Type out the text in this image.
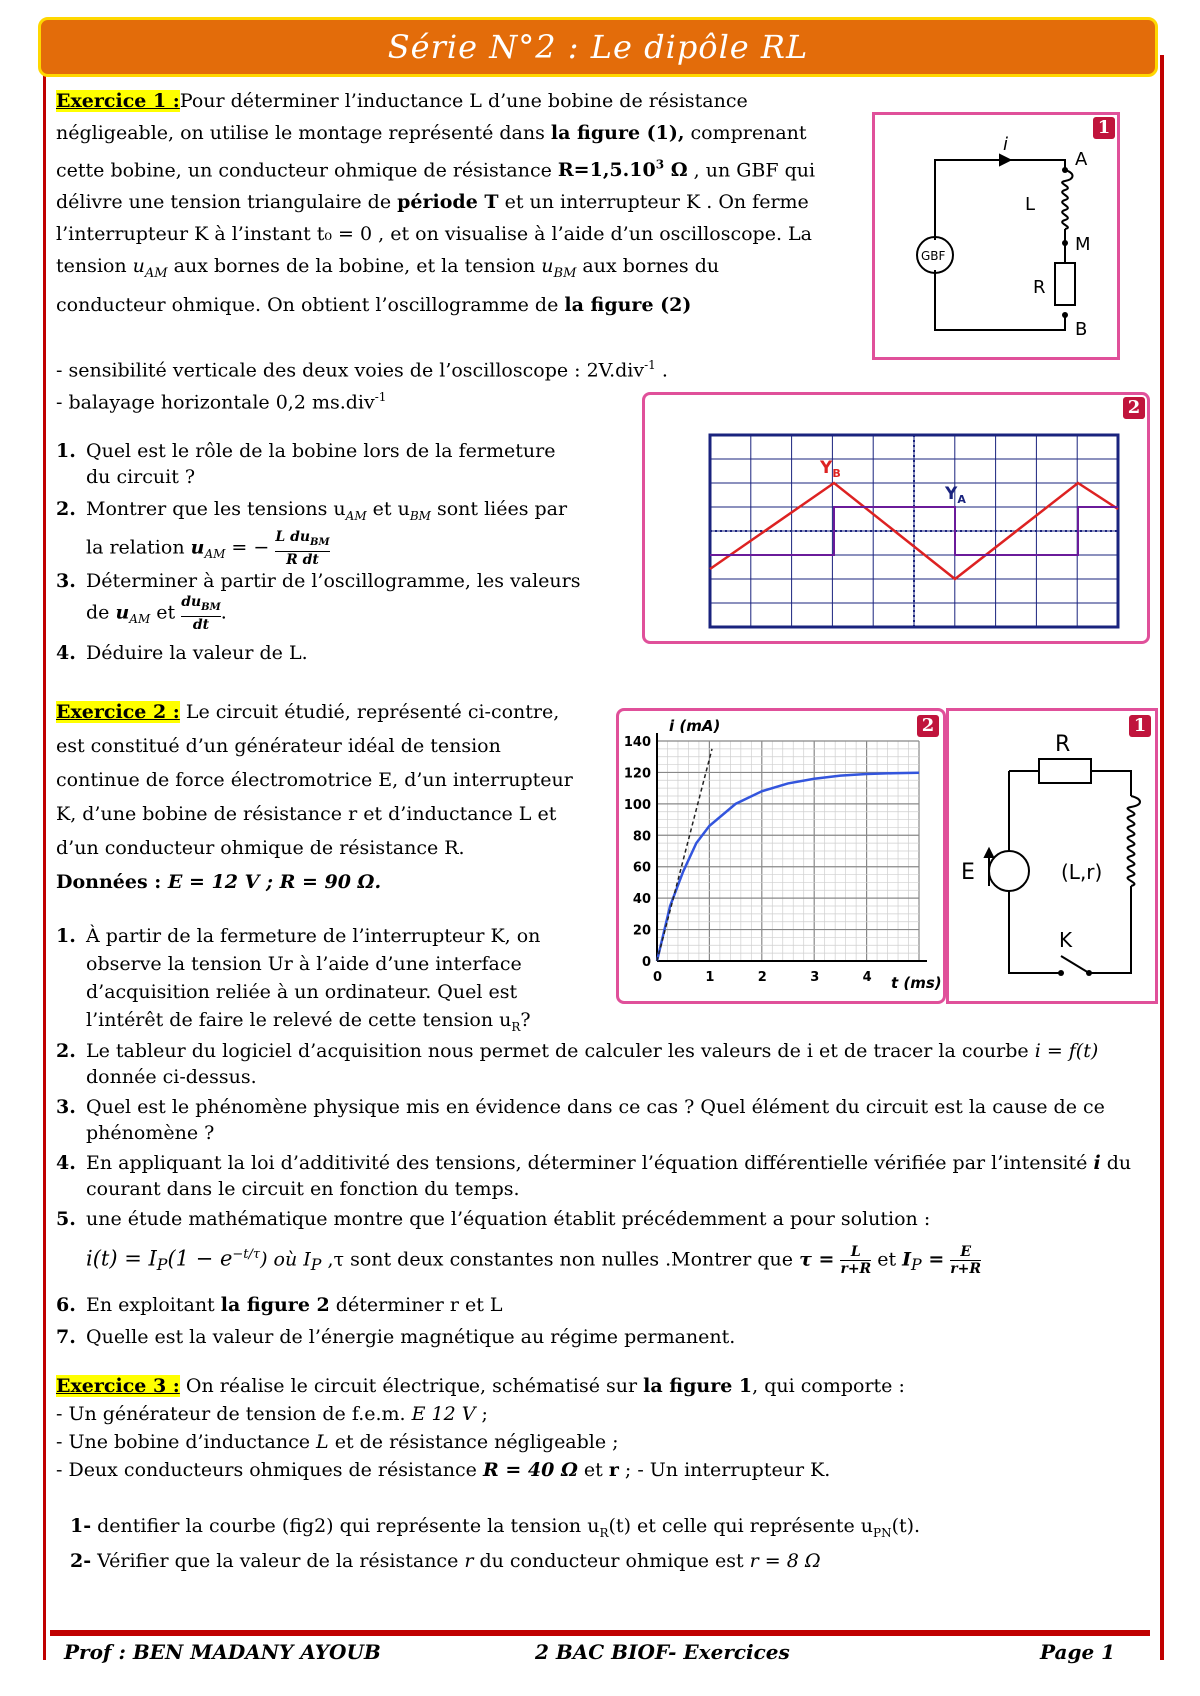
Série N°2 : Le dipôle RL
Exercice 1 :Pour déterminer l’inductance L d’une bobine de résistance
négligeable, on utilise le montage représenté dans la figure (1), comprenant
cette bobine, un conducteur ohmique de résistance $R=1,5.10^3$ Ω , un GBF qui
délivre une tension triangulaire de période T et un interrupteur K . On ferme
l’interrupteur K à l’instant t₀ = 0 , et on visualise à l’aide d’un oscilloscope. La
tension $u_{AM}$ aux bornes de la bobine, et la tension $u_{BM}$ aux bornes du
conducteur ohmique. On obtient l’oscillogramme de la figure (2)
- sensibilité verticale des deux voies de l’oscilloscope : 2V.div$^{-1}$ .
- balayage horizontale 0,2 ms.div$^{-1}$
1. Quel est le rôle de la bobine lors de la fermeture
du circuit ?
2. Montrer que les tensions $u_{AM}$ et $u_{BM}$ sont liées par
la relation $u_{AM}$ = − L $du_{BM}$
R dt
3. Déterminer à partir de l’oscillogramme, les valeurs
de $u_{AM}$ et $du_{BM}$
dt
.
4. Déduire la valeur de L.
1
i
A
L
M
R
B
GBF
2
$Y_B$
$Y_A$
Exercice 2 : Le circuit étudié, représenté ci-contre,
est constitué d’un générateur idéal de tension
continue de force électromotrice E, d’un interrupteur
K, d’une bobine de résistance r et d’inductance L et
d’un conducteur ohmique de résistance R.
Données : E = 12 V ; R = 90 Ω.
1. À partir de la fermeture de l’interrupteur K, on
observe la tension Ur à l’aide d’une interface
d’acquisition reliée à un ordinateur. Quel est
l’intérêt de faire le relevé de cette tension $u_R$?
2. Le tableur du logiciel d’acquisition nous permet de calculer les valeurs de i et de tracer la courbe i = f(t)
donnée ci-dessus.
3. Quel est le phénomène physique mis en évidence dans ce cas ? Quel élément du circuit est la cause de ce
phénomène ?
4. En appliquant la loi d’additivité des tensions, déterminer l’équation différentielle vérifiée par l’intensité i du
courant dans le circuit en fonction du temps.
5. une étude mathématique montre que l’équation établit précédemment a pour solution :
$i(t) = I_P(1 - e^{-t/\tau})$ où $I_P$ ,τ sont deux constantes non nulles .Montrer que $\tau = \frac{L}{r+R}$ et $I_P = \frac{E}{r+R}$
6. En exploitant la figure 2 déterminer r et L
7. Quelle est la valeur de l’énergie magnétique au régime permanent.
2
0	1	2	3	4
0
20
40
60
80
100
120
140
i (mA)
t (ms)
1
R
E	(L,r)
K
Exercice 3 : On réalise le circuit électrique, schématisé sur la figure 1, qui comporte :
- Un générateur de tension de f.e.m. E 12 V ;
- Une bobine d’inductance L et de résistance négligeable ;
- Deux conducteurs ohmiques de résistance R = 40 Ω et r ; - Un interrupteur K.
1- dentifier la courbe (fig2) qui représente la tension $u_R(t)$ et celle qui représente $u_{PN}(t)$.
2- Vérifier que la valeur de la résistance r du conducteur ohmique est r = 8 Ω
Prof : BEN MADANY AYOUB	2 BAC BIOF- Exercices	Page 1
